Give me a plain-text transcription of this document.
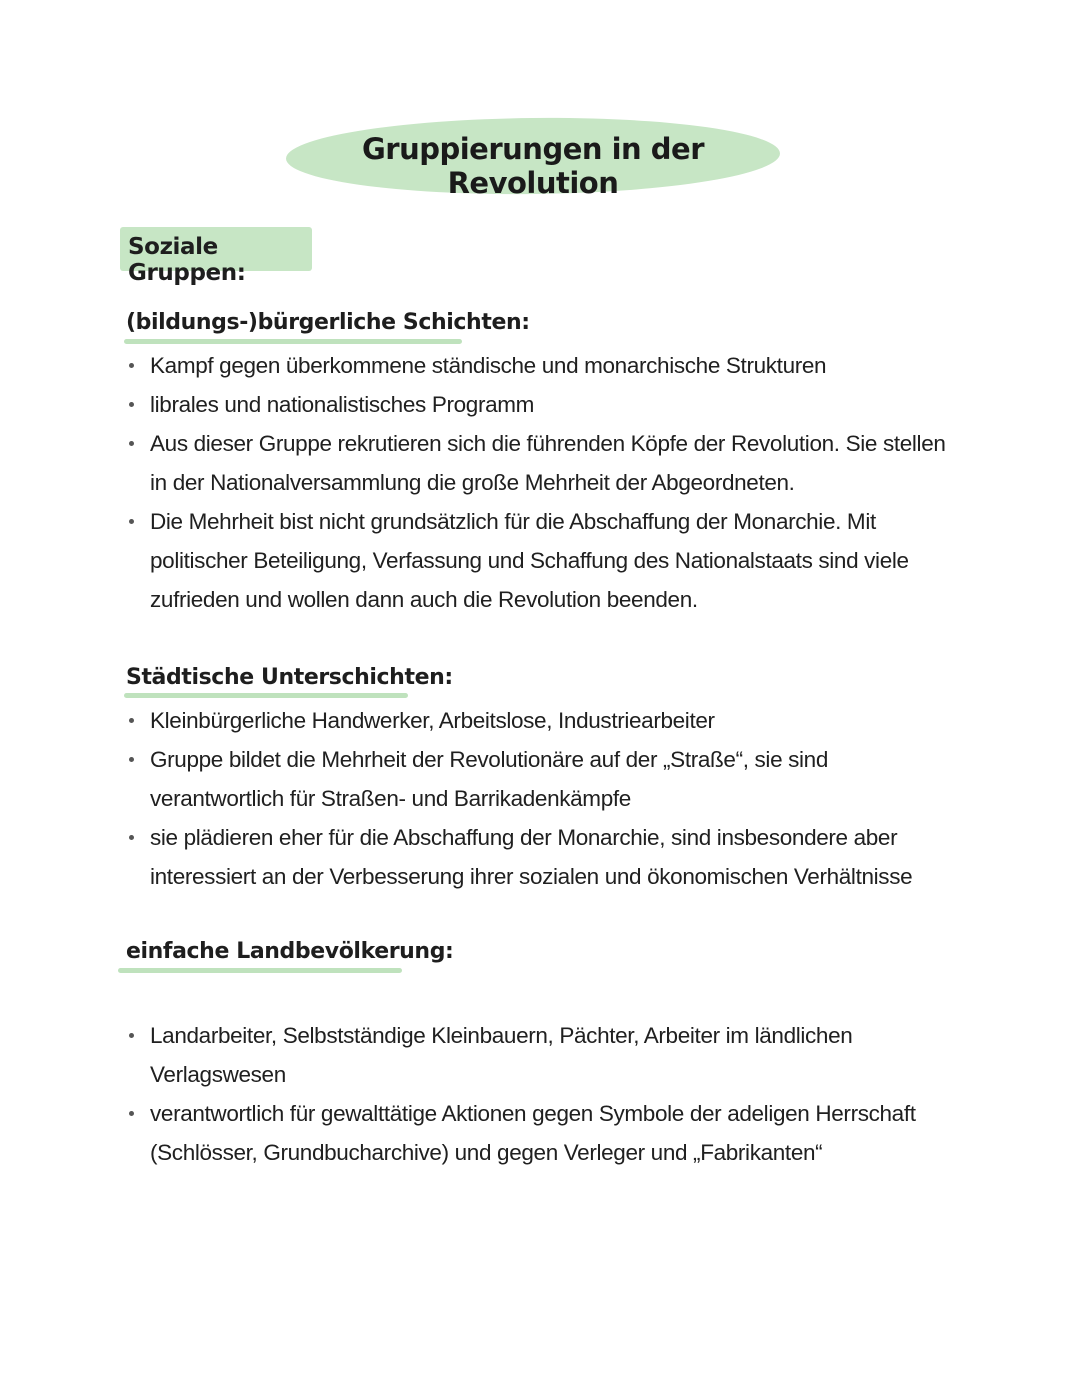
Gruppierungen in der Revolution
Soziale Gruppen:
(bildungs-)bürgerliche Schichten:
Kampf gegen überkommene ständische und monarchische Strukturen
librales und nationalistisches Programm
Aus dieser Gruppe rekrutieren sich die führenden Köpfe der Revolution. Sie stellen in der Nationalversammlung die große Mehrheit der Abgeordneten.
Die Mehrheit bist nicht grundsätzlich für die Abschaffung der Monarchie. Mit politischer Beteiligung, Verfassung und Schaffung des Nationalstaats sind viele zufrieden und wollen dann auch die Revolution beenden.
Städtische Unterschichten:
Kleinbürgerliche Handwerker, Arbeitslose, Industriearbeiter
Gruppe bildet die Mehrheit der Revolutionäre auf der „Straße“, sie sind verantwortlich für Straßen- und Barrikadenkämpfe
sie plädieren eher für die Abschaffung der Monarchie, sind insbesondere aber interessiert an der Verbesserung ihrer sozialen und ökonomischen Verhältnisse
einfache Landbevölkerung:
Landarbeiter, Selbstständige Kleinbauern, Pächter, Arbeiter im ländlichen Verlagswesen
verantwortlich für gewalttätige Aktionen gegen Symbole der adeligen Herrschaft (Schlösser, Grundbucharchive) und gegen Verleger und „Fabrikanten“
